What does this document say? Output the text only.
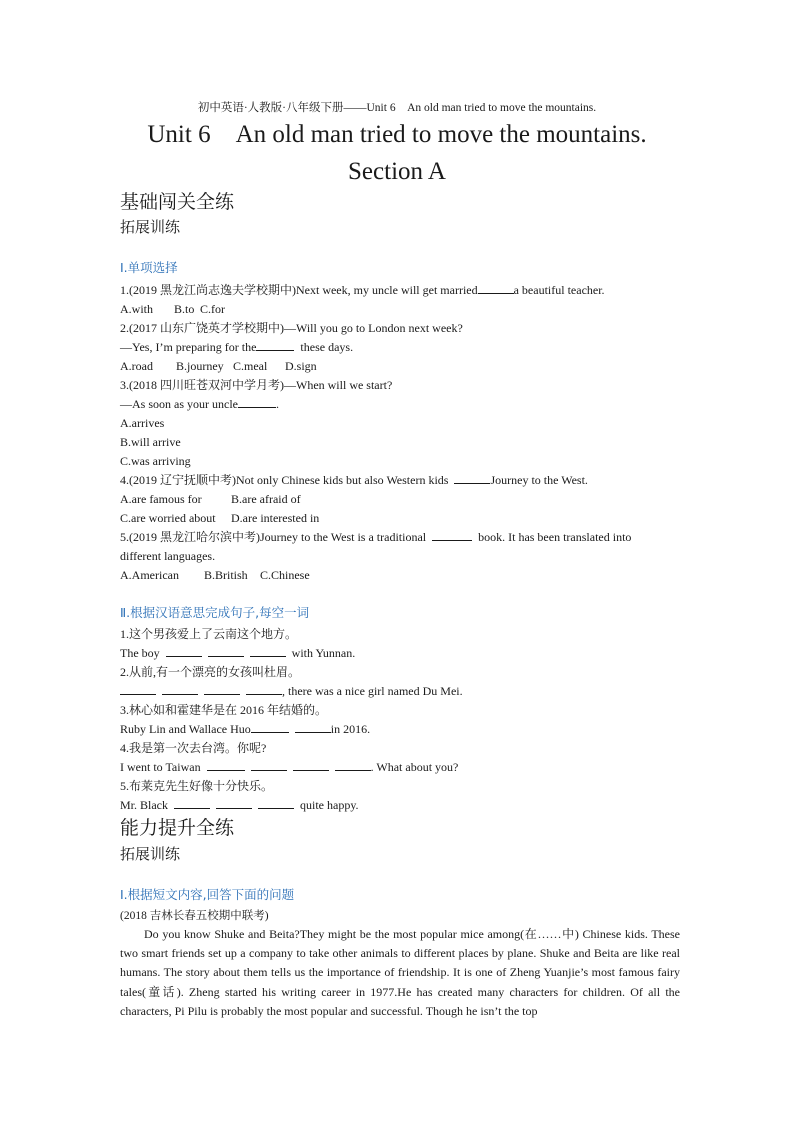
初中英语·人教版·八年级下册——Unit 6　An old man tried to move the mountains.
Unit 6　An old man tried to move the mountains.
Section A
基础闯关全练
拓展训练
Ⅰ.单项选择
1.(2019 黑龙江尚志逸夫学校期中)Next week, my uncle will get married	a beautiful teacher.
A.with B.to C.for
2.(2017 山东广饶英才学校期中)—Will you go to London next week?
—Yes, I’m preparing for the	these days.
A.road B.journey C.meal D.sign
3.(2018 四川旺苍双河中学月考)—When will we start?
—As soon as your uncle	.
A.arrives
B.will arrive
C.was arriving
4.(2019 辽宁抚顺中考)Not only Chinese kids but also Western kids	Journey to the West.
A.are famous for B.are afraid of
C.are worried about D.are interested in
5.(2019 黑龙江哈尔滨中考)Journey to the West is a traditional	book. It has been translated into
different languages.
A.American B.British C.Chinese
Ⅱ.根据汉语意思完成句子,每空一词
1.这个男孩爱上了云南这个地方。
The boy	with Yunnan.
2.从前,有一个漂亮的女孩叫杜眉。
, there was a nice girl named Du Mei.
3.林心如和霍建华是在 2016 年结婚的。
Ruby Lin and Wallace Huo	in 2016.
4.我是第一次去台湾。你呢?
I went to Taiwan	. What about you?
5.布莱克先生好像十分快乐。
Mr. Black	quite happy.
能力提升全练
拓展训练
Ⅰ.根据短文内容,回答下面的问题
(2018 吉林长春五校期中联考)
Do you know Shuke and Beita?They might be the most popular mice among(在……中) Chinese kids. These two smart friends set up a company to take other animals to different places by plane. Shuke and Beita are like real humans. The story about them tells us the importance of friendship. It is one of Zheng Yuanjie’s most famous fairy tales(童话). Zheng started his writing career in 1977.He has created many characters for children. Of all the characters, Pi Pilu is probably the most popular and successful. Though he isn’t the top
